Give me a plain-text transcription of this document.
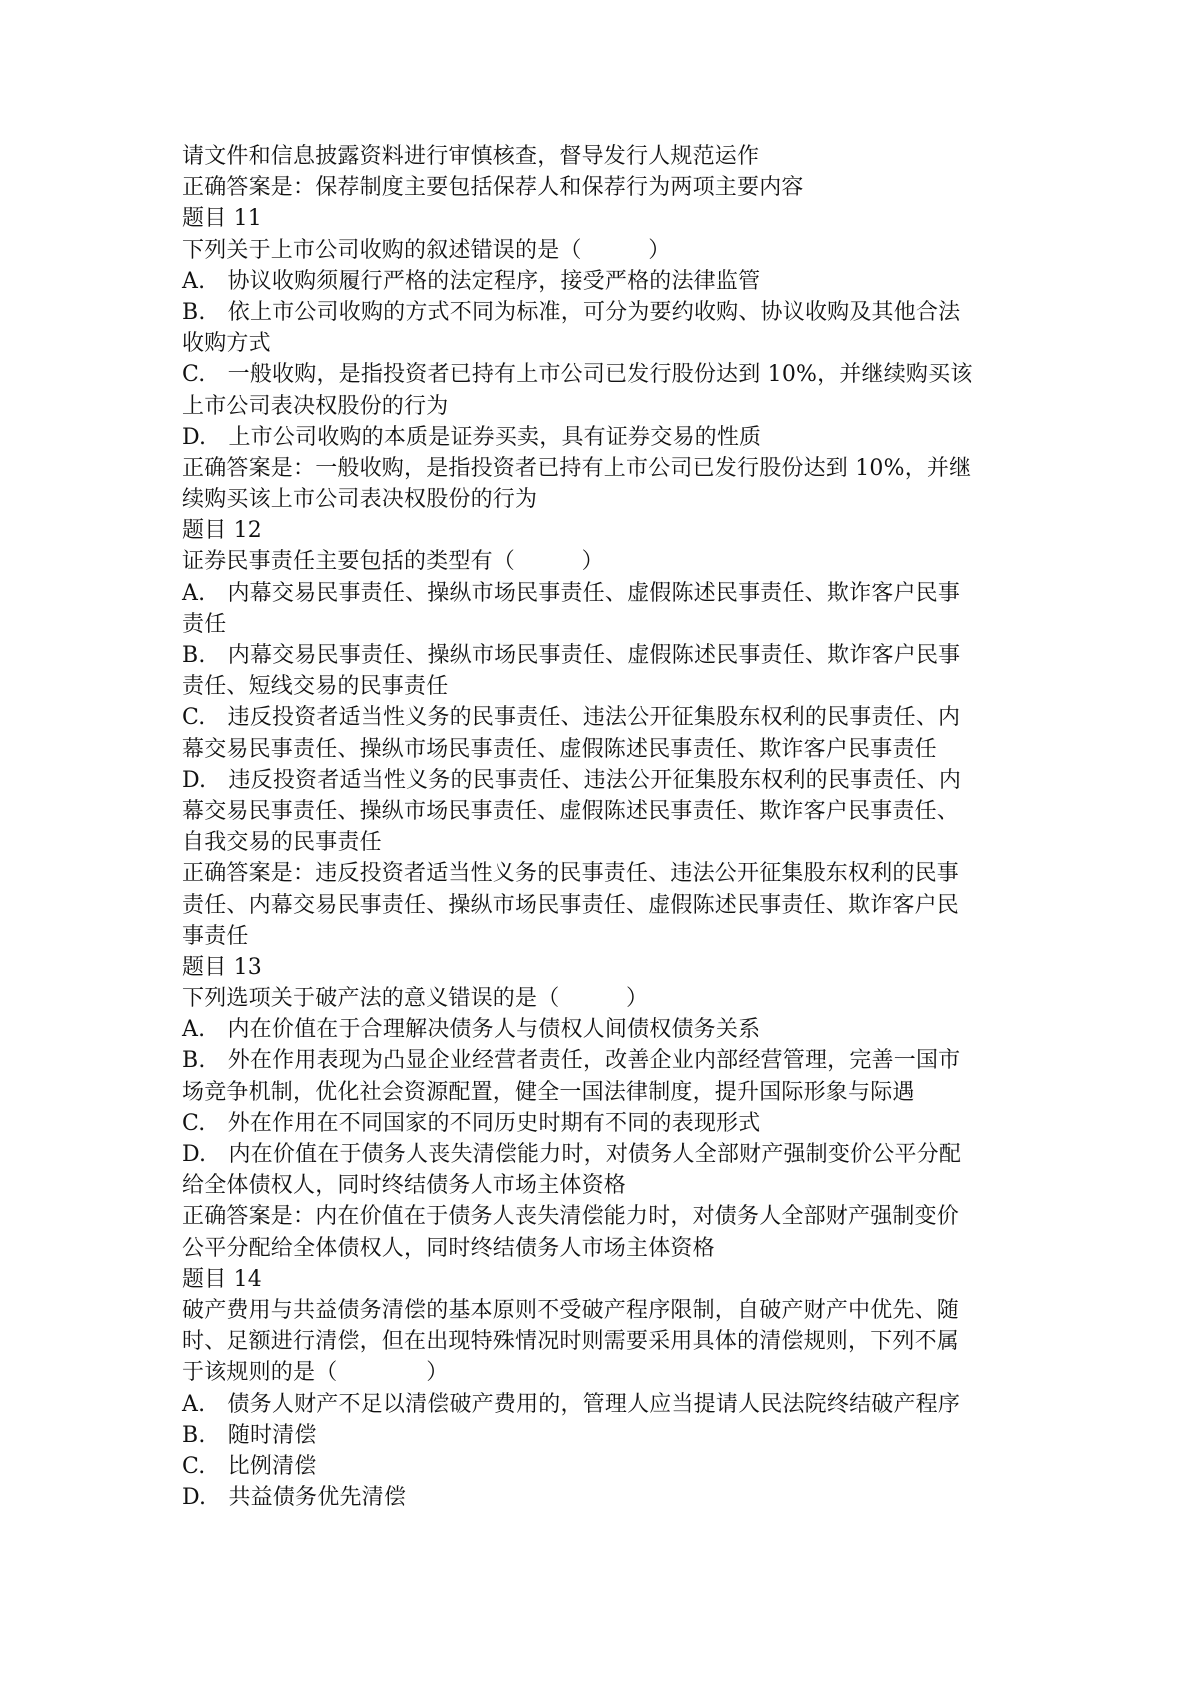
请文件和信息披露资料进行审慎核查，督导发行人规范运作
正确答案是：保荐制度主要包括保荐人和保荐行为两项主要内容
题目 11
下列关于上市公司收购的叙述错误的是（　　　）
A.　协议收购须履行严格的法定程序，接受严格的法律监管
B.　依上市公司收购的方式不同为标准，可分为要约收购、协议收购及其他合法
收购方式
C.　一般收购，是指投资者已持有上市公司已发行股份达到 10%，并继续购买该
上市公司表决权股份的行为
D.　上市公司收购的本质是证券买卖，具有证券交易的性质
正确答案是：一般收购，是指投资者已持有上市公司已发行股份达到 10%，并继
续购买该上市公司表决权股份的行为
题目 12
证券民事责任主要包括的类型有（　　　）
A.　内幕交易民事责任、操纵市场民事责任、虚假陈述民事责任、欺诈客户民事
责任
B.　内幕交易民事责任、操纵市场民事责任、虚假陈述民事责任、欺诈客户民事
责任、短线交易的民事责任
C.　违反投资者适当性义务的民事责任、违法公开征集股东权利的民事责任、内
幕交易民事责任、操纵市场民事责任、虚假陈述民事责任、欺诈客户民事责任
D.　违反投资者适当性义务的民事责任、违法公开征集股东权利的民事责任、内
幕交易民事责任、操纵市场民事责任、虚假陈述民事责任、欺诈客户民事责任、
自我交易的民事责任
正确答案是：违反投资者适当性义务的民事责任、违法公开征集股东权利的民事
责任、内幕交易民事责任、操纵市场民事责任、虚假陈述民事责任、欺诈客户民
事责任
题目 13
下列选项关于破产法的意义错误的是（　　　）
A.　内在价值在于合理解决债务人与债权人间债权债务关系
B.　外在作用表现为凸显企业经营者责任，改善企业内部经营管理，完善一国市
场竞争机制，优化社会资源配置，健全一国法律制度，提升国际形象与际遇
C.　外在作用在不同国家的不同历史时期有不同的表现形式
D.　内在价值在于债务人丧失清偿能力时，对债务人全部财产强制变价公平分配
给全体债权人，同时终结债务人市场主体资格
正确答案是：内在价值在于债务人丧失清偿能力时，对债务人全部财产强制变价
公平分配给全体债权人，同时终结债务人市场主体资格
题目 14
破产费用与共益债务清偿的基本原则不受破产程序限制，自破产财产中优先、随
时、足额进行清偿，但在出现特殊情况时则需要采用具体的清偿规则，下列不属
于该规则的是（　　　　）
A.　债务人财产不足以清偿破产费用的，管理人应当提请人民法院终结破产程序
B.　随时清偿
C.　比例清偿
D.　共益债务优先清偿
